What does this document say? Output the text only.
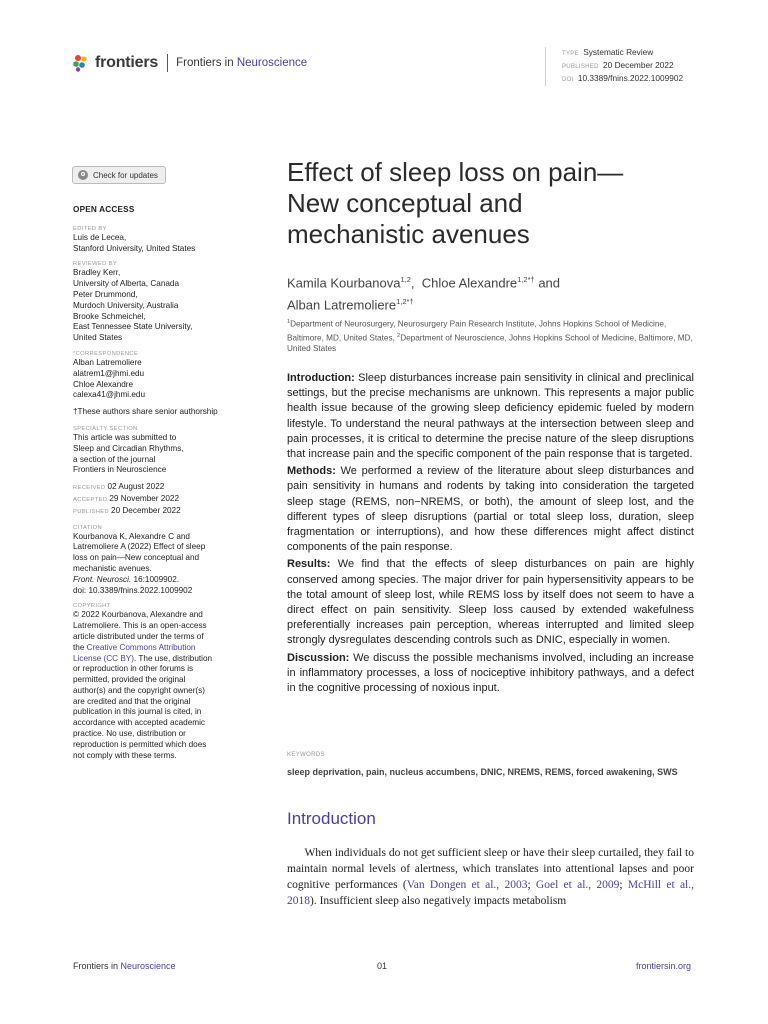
frontiers Frontiers in Neuroscience
TYPE Systematic Review
PUBLISHED 20 December 2022
DOI 10.3389/fnins.2022.1009902
Check for updates
OPEN ACCESS
EDITED BY
Luis de Lecea,
Stanford University, United States
REVIEWED BY
Bradley Kerr,
University of Alberta, Canada
Peter Drummond,
Murdoch University, Australia
Brooke Schmeichel,
East Tennessee State University,
United States
*CORRESPONDENCE
Alban Latremoliere
alatrem1@jhmi.edu
Chloe Alexandre
calexa41@jhmi.edu
†These authors share senior authorship
SPECIALTY SECTION
This article was submitted to
Sleep and Circadian Rhythms,
a section of the journal
Frontiers in Neuroscience
RECEIVED 02 August 2022
ACCEPTED 29 November 2022
PUBLISHED 20 December 2022
CITATION
Kourbanova K, Alexandre C and
Latremoliere A (2022) Effect of sleep
loss on pain—New conceptual and
mechanistic avenues.
Front. Neurosci. 16:1009902.
doi: 10.3389/fnins.2022.1009902
COPYRIGHT
© 2022 Kourbanova, Alexandre and
Latremoliere. This is an open-access
article distributed under the terms of
the Creative Commons Attribution
License (CC BY). The use, distribution
or reproduction in other forums is
permitted, provided the original
author(s) and the copyright owner(s)
are credited and that the original
publication in this journal is cited, in
accordance with accepted academic
practice. No use, distribution or
reproduction is permitted which does
not comply with these terms.
Effect of sleep loss on pain—New conceptual and mechanistic avenues
Kamila Kourbanova$^{1,2}$,  Chloe Alexandre$^{1,2*\dagger}$ and
Alban Latremoliere$^{1,2*\dagger}$
$^1$Department of Neurosurgery, Neurosurgery Pain Research Institute, Johns Hopkins School of Medicine, Baltimore, MD, United States, $^2$Department of Neuroscience, Johns Hopkins School of Medicine, Baltimore, MD, United States

Introduction: Sleep disturbances increase pain sensitivity in clinical and preclinical settings, but the precise mechanisms are unknown. This represents a major public health issue because of the growing sleep deficiency epidemic fueled by modern lifestyle. To understand the neural pathways at the intersection between sleep and pain processes, it is critical to determine the precise nature of the sleep disruptions that increase pain and the specific component of the pain response that is targeted.

Methods: We performed a review of the literature about sleep disturbances and pain sensitivity in humans and rodents by taking into consideration the targeted sleep stage (REMS, non−NREMS, or both), the amount of sleep lost, and the different types of sleep disruptions (partial or total sleep loss, duration, sleep fragmentation or interruptions), and how these differences might affect distinct components of the pain response.

Results: We find that the effects of sleep disturbances on pain are highly conserved among species. The major driver for pain hypersensitivity appears to be the total amount of sleep lost, while REMS loss by itself does not seem to have a direct effect on pain sensitivity. Sleep loss caused by extended wakefulness preferentially increases pain perception, whereas interrupted and limited sleep strongly dysregulates descending controls such as DNIC, especially in women.

Discussion: We discuss the possible mechanisms involved, including an increase in inflammatory processes, a loss of nociceptive inhibitory pathways, and a defect in the cognitive processing of noxious input.

KEYWORDS
sleep deprivation, pain, nucleus accumbens, DNIC, NREMS, REMS, forced awakening, SWS
Introduction
When individuals do not get sufficient sleep or have their sleep curtailed, they fail to maintain normal levels of alertness, which translates into attentional lapses and poor cognitive performances (Van Dongen et al., 2003; Goel et al., 2009; McHill et al., 2018). Insufficient sleep also negatively impacts metabolism
Frontiers in Neuroscience	01	frontiersin.org
